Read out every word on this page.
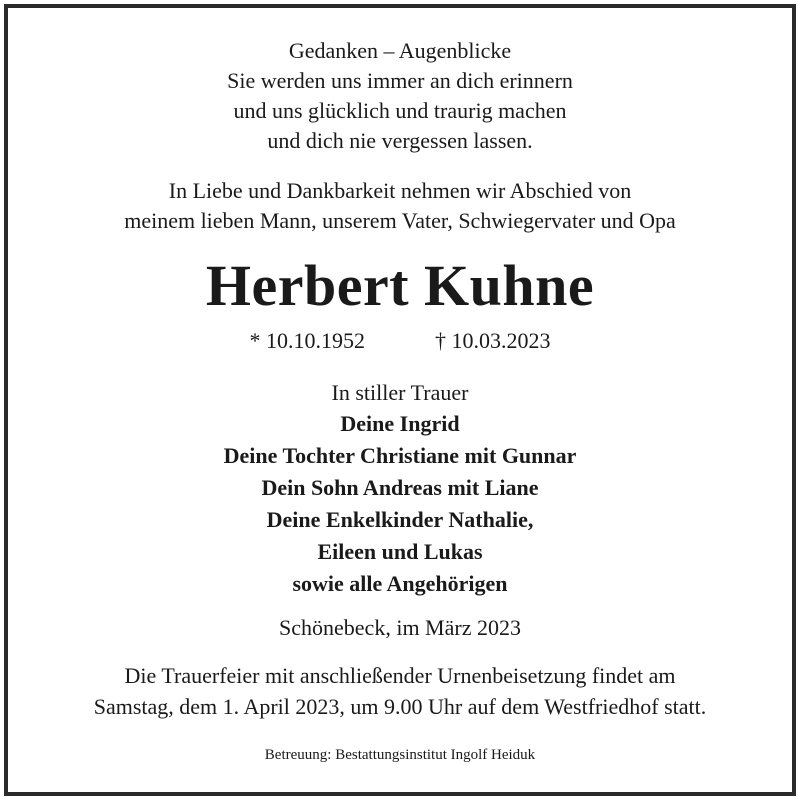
Gedanken – Augenblicke
Sie werden uns immer an dich erinnern
und uns glücklich und traurig machen
und dich nie vergessen lassen.
In Liebe und Dankbarkeit nehmen wir Abschied von
meinem lieben Mann, unserem Vater, Schwiegervater und Opa
Herbert Kuhne
* 10.10.1952	† 10.03.2023
In stiller Trauer
Deine Ingrid
Deine Tochter Christiane mit Gunnar
Dein Sohn Andreas mit Liane
Deine Enkelkinder Nathalie,
Eileen und Lukas
sowie alle Angehörigen
Schönebeck, im März 2023
Die Trauerfeier mit anschließender Urnenbeisetzung findet am
Samstag, dem 1. April 2023, um 9.00 Uhr auf dem Westfriedhof statt.
Betreuung: Bestattungsinstitut Ingolf Heiduk
